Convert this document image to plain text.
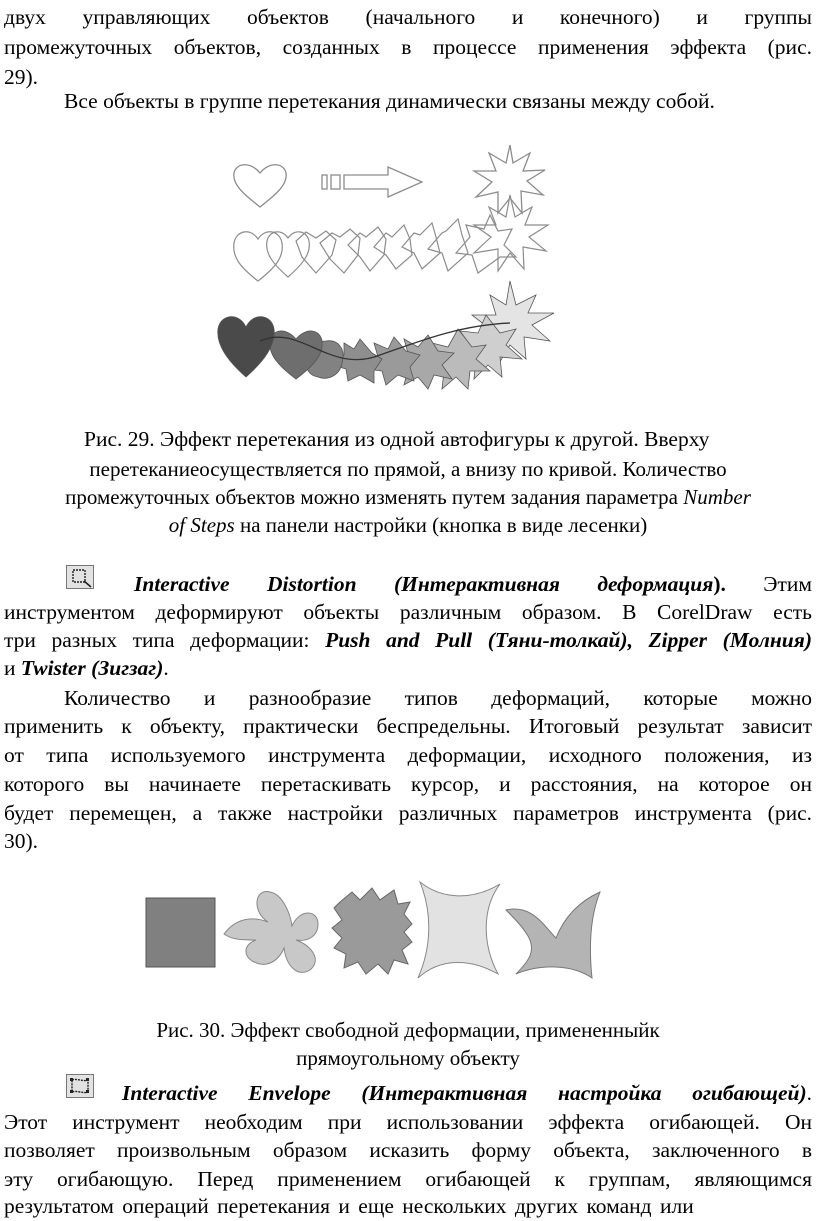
двух управляющих объектов (начального и конечного) и группы
промежуточных объектов, созданных в процессе применения эффекта (рис.
29).
Все объекты в группе перетекания динамически связаны между собой.
Рис. 29. Эффект перетекания из одной автофигуры к другой. Вверху
перетеканиеосуществляется по прямой, а внизу по кривой. Количество
промежуточных объектов можно изменять путем задания параметра Number
of Steps на панели настройки (кнопка в виде лесенки)
Interactive Distortion (Интерактивная деформация). Этим
инструментом деформируют объекты различным образом. В CorelDraw есть
три разных типа деформации: Push and Pull (Тяни-толкай), Zipper (Молния)
и Twister (Зигзаг).
Количество и разнообразие типов деформаций, которые можно
применить к объекту, практически беспредельны. Итоговый результат зависит
от типа используемого инструмента деформации, исходного положения, из
которого вы начинаете перетаскивать курсор, и расстояния, на которое он
будет перемещен, а также настройки различных параметров инструмента (рис.
30).
Рис. 30. Эффект свободной деформации, примененныйк
прямоугольному объекту
Interactive Envelope (Интерактивная настройка огибающей).
Этот инструмент необходим при использовании эффекта огибающей. Он
позволяет произвольным образом исказить форму объекта, заключенного в
эту огибающую. Перед применением огибающей к группам, являющимся
результатом операций перетекания и еще нескольких других команд или
